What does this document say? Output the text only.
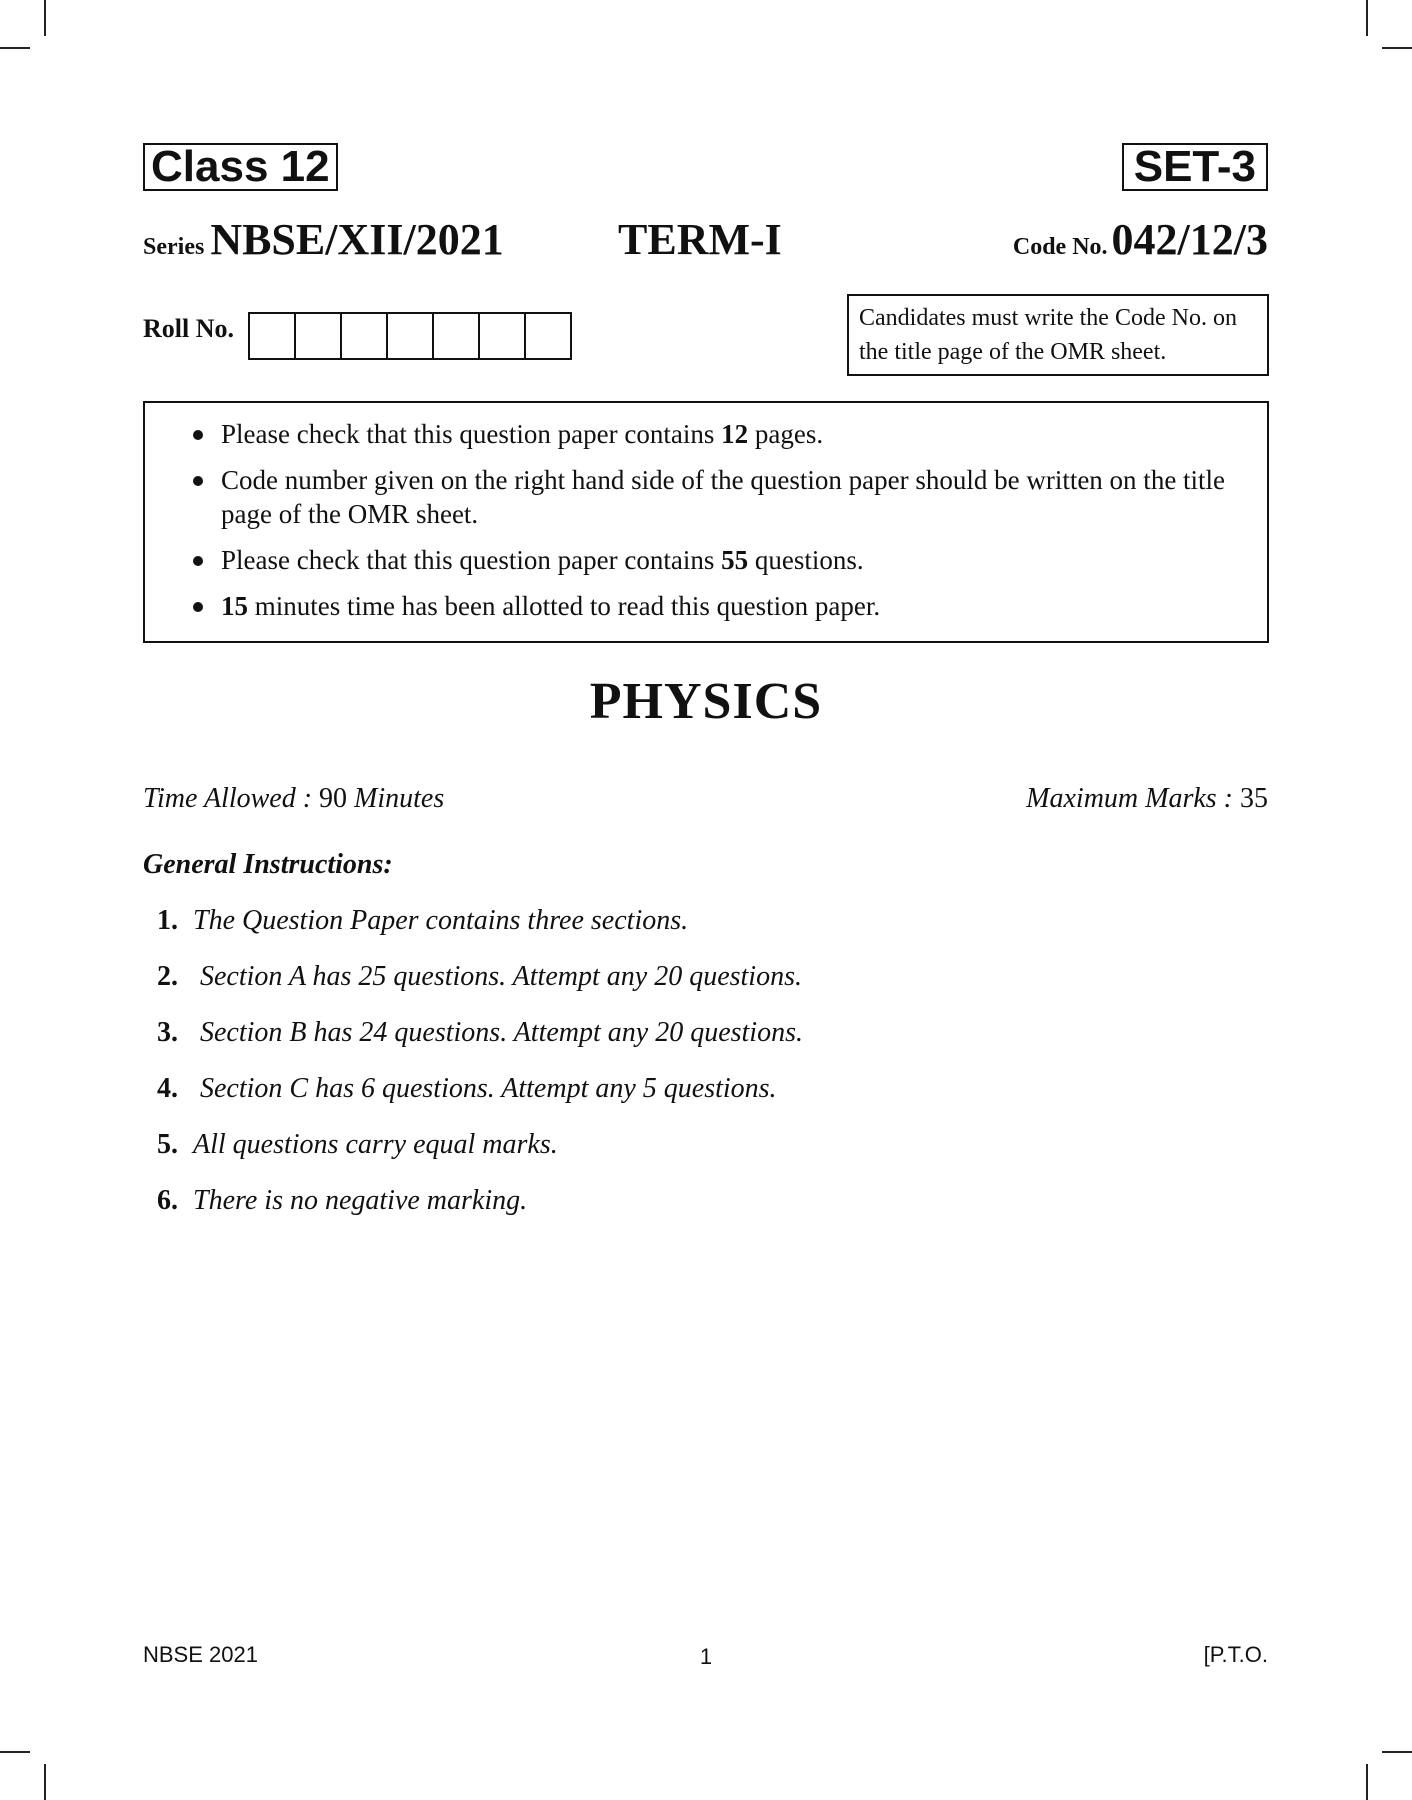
Class 12	SET-3
Series NBSE/XII/2021	TERM-I	Code No.042/12/3
Roll No.	Candidates must write the Code No. on the title page of the OMR sheet.
Please check that this question paper contains 12 pages.
Code number given on the right hand side of the question paper should be written on the title page of the OMR sheet.
Please check that this question paper contains 55 questions.
15 minutes time has been allotted to read this question paper.
PHYSICS
Time Allowed : 90 Minutes	Maximum Marks : 35
General Instructions:
1. The Question Paper contains three sections.
2. Section A has 25 questions. Attempt any 20 questions.
3. Section B has 24 questions. Attempt any 20 questions.
4. Section C has 6 questions. Attempt any 5 questions.
5. All questions carry equal marks.
6. There is no negative marking.
NBSE 2021	1	[P.T.O.
